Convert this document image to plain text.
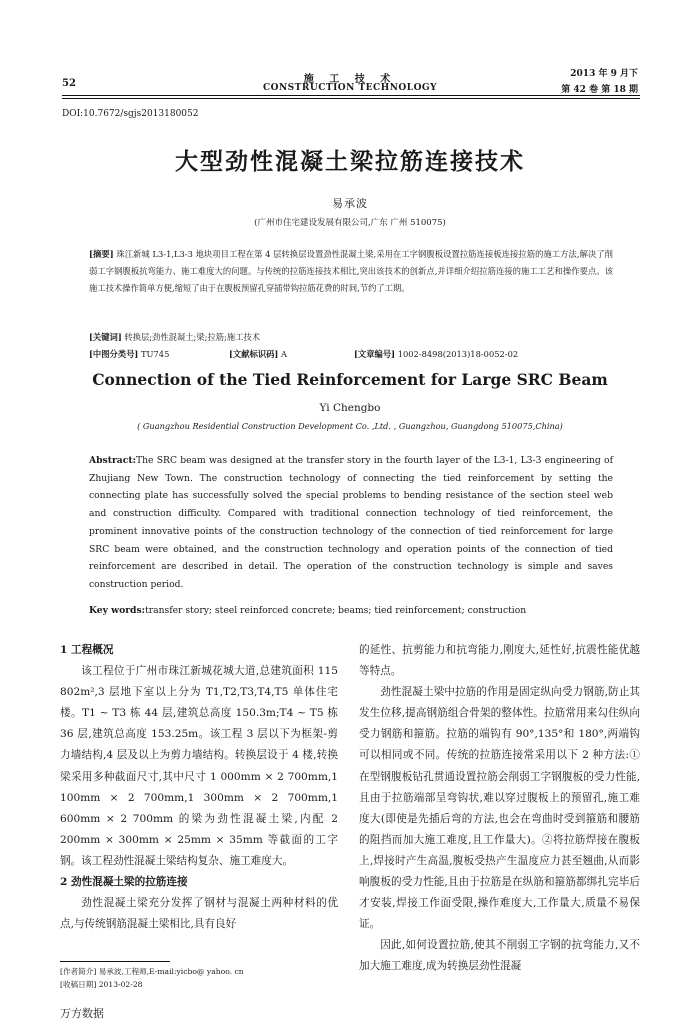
施 工 技 术
CONSTRUCTION TECHNOLOGY
52
2013 年 9 月下
第 42 卷 第 18 期
DOI:10.7672/sgjs2013180052
大型劲性混凝土梁拉筋连接技术
易承波
(广州市住宅建设发展有限公司,广东 广州 510075)
[摘要] 珠江新城 L3-1,L3-3 地块项目工程在第 4 层转换层设置劲性混凝土梁,采用在工字钢腹板设置拉筋连接板连接拉筋的施工方法,解决了削弱工字钢腹板抗弯能力、施工难度大的问题。与传统的拉筋连接技术相比,突出该技术的创新点,并详细介绍拉筋连接的施工工艺和操作要点。该施工技术操作简单方便,缩短了由于在腹板预留孔穿插带钩拉筋花费的时间,节约了工期。
[关键词] 转换层;劲性混凝土;梁;拉筋;施工技术
[中图分类号] TU745	[文献标识码] A	[文章编号] 1002-8498(2013)18-0052-02
Connection of the Tied Reinforcement for Large SRC Beam
Yi Chengbo
( Guangzhou Residential Construction Development Co. ,Ltd. , Guangzhou, Guangdong 510075,China)
Abstract:The SRC beam was designed at the transfer story in the fourth layer of the L3-1, L3-3 engineering of Zhujiang New Town. The construction technology of connecting the tied reinforcement by setting the connecting plate has successfully solved the special problems to bending resistance of the section steel web and construction difficulty. Compared with traditional connection technology of tied reinforcement, the prominent innovative points of the construction technology of the connection of tied reinforcement for large SRC beam were obtained, and the construction technology and operation points of the connection of tied reinforcement are described in detail. The operation of the construction technology is simple and saves construction period.
Key words:transfer story; steel reinforced concrete; beams; tied reinforcement; construction
1 工程概况

该工程位于广州市珠江新城花城大道,总建筑面积 115 802m²,3 层地下室以上分为 T1,T2,T3,T4,T5 单体住宅楼。T1 ~ T3 栋 44 层,建筑总高度 150.3m;T4 ~ T5 栋 36 层,建筑总高度 153.25m。该工程 3 层以下为框架-剪力墙结构,4 层及以上为剪力墙结构。转换层设于 4 楼,转换梁采用多种截面尺寸,其中尺寸 1 000mm × 2 700mm,1 100mm × 2 700mm,1 300mm × 2 700mm,1 600mm × 2 700mm 的梁为劲性混凝土梁,内配 2 200mm × 300mm × 25mm × 35mm 等截面的工字钢。该工程劲性混凝土梁结构复杂、施工难度大。

2 劲性混凝土梁的拉筋连接

劲性混凝土梁充分发挥了钢材与混凝土两种材料的优点,与传统钢筋混凝土梁相比,具有良好

的延性、抗剪能力和抗弯能力,刚度大,延性好,抗震性能优越等特点。

劲性混凝土梁中拉筋的作用是固定纵向受力钢筋,防止其发生位移,提高钢筋组合骨架的整体性。拉筋常用来勾住纵向受力钢筋和箍筋。拉筋的端钩有 90°,135°和 180°,两端钩可以相同或不同。传统的拉筋连接常采用以下 2 种方法:①在型钢腹板钻孔贯通设置拉筋会削弱工字钢腹板的受力性能,且由于拉筋端部呈弯钩状,难以穿过腹板上的预留孔,施工难度大(即使是先插后弯的方法,也会在弯曲时受到箍筋和腰筋的阻挡而加大施工难度,且工作量大)。②将拉筋焊接在腹板上,焊接时产生高温,腹板受热产生温度应力甚至翘曲,从而影响腹板的受力性能,且由于拉筋是在纵筋和箍筋都绑扎完毕后才安装,焊接工作面受限,操作难度大,工作量大,质量不易保证。

因此,如何设置拉筋,使其不削弱工字钢的抗弯能力,又不加大施工难度,成为转换层劲性混凝

[作者简介] 易承波,工程师,E-mail:yicbo@ yahoo. cn
[收稿日期] 2013-02-28
万方数据
